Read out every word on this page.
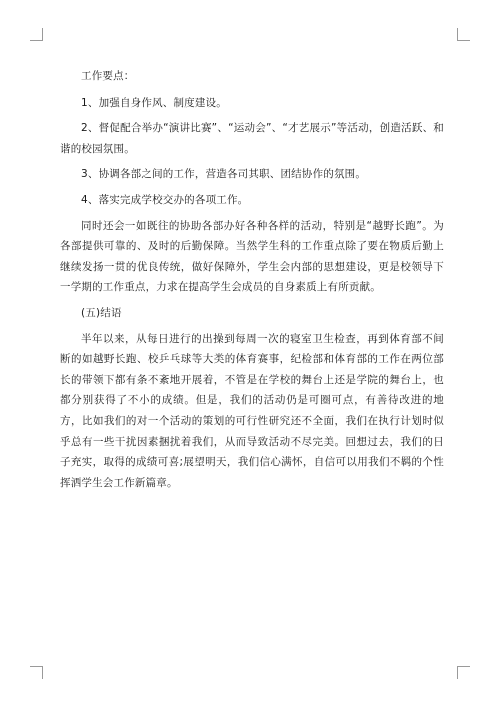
工作要点：

1、加强自身作风、制度建设。

2、督促配合举办“演讲比赛”、“运动会”、“才艺展示”等活动，创造活跃、和谐的校园氛围。

3、协调各部之间的工作，营造各司其职、团结协作的氛围。

4、落实完成学校交办的各项工作。

同时还会一如既往的协助各部办好各种各样的活动，特别是“越野长跑”。为各部提供可靠的、及时的后勤保障。当然学生科的工作重点除了要在物质后勤上继续发扬一贯的优良传统，做好保障外，学生会内部的思想建设，更是校领导下一学期的工作重点，力求在提高学生会成员的自身素质上有所贡献。

(五)结语

半年以来，从每日进行的出操到每周一次的寝室卫生检查，再到体育部不间断的如越野长跑、校乒乓球等大类的体育赛事，纪检部和体育部的工作在两位部长的带领下都有条不紊地开展着，不管是在学校的舞台上还是学院的舞台上，也都分别获得了不小的成绩。但是，我们的活动仍是可圈可点，有善待改进的地方，比如我们的对一个活动的策划的可行性研究还不全面，我们在执行计划时似乎总有一些干扰因素捆扰着我们，从而导致活动不尽完美。回想过去，我们的日子充实，取得的成绩可喜;展望明天，我们信心满怀，自信可以用我们不羁的个性挥洒学生会工作新篇章。
